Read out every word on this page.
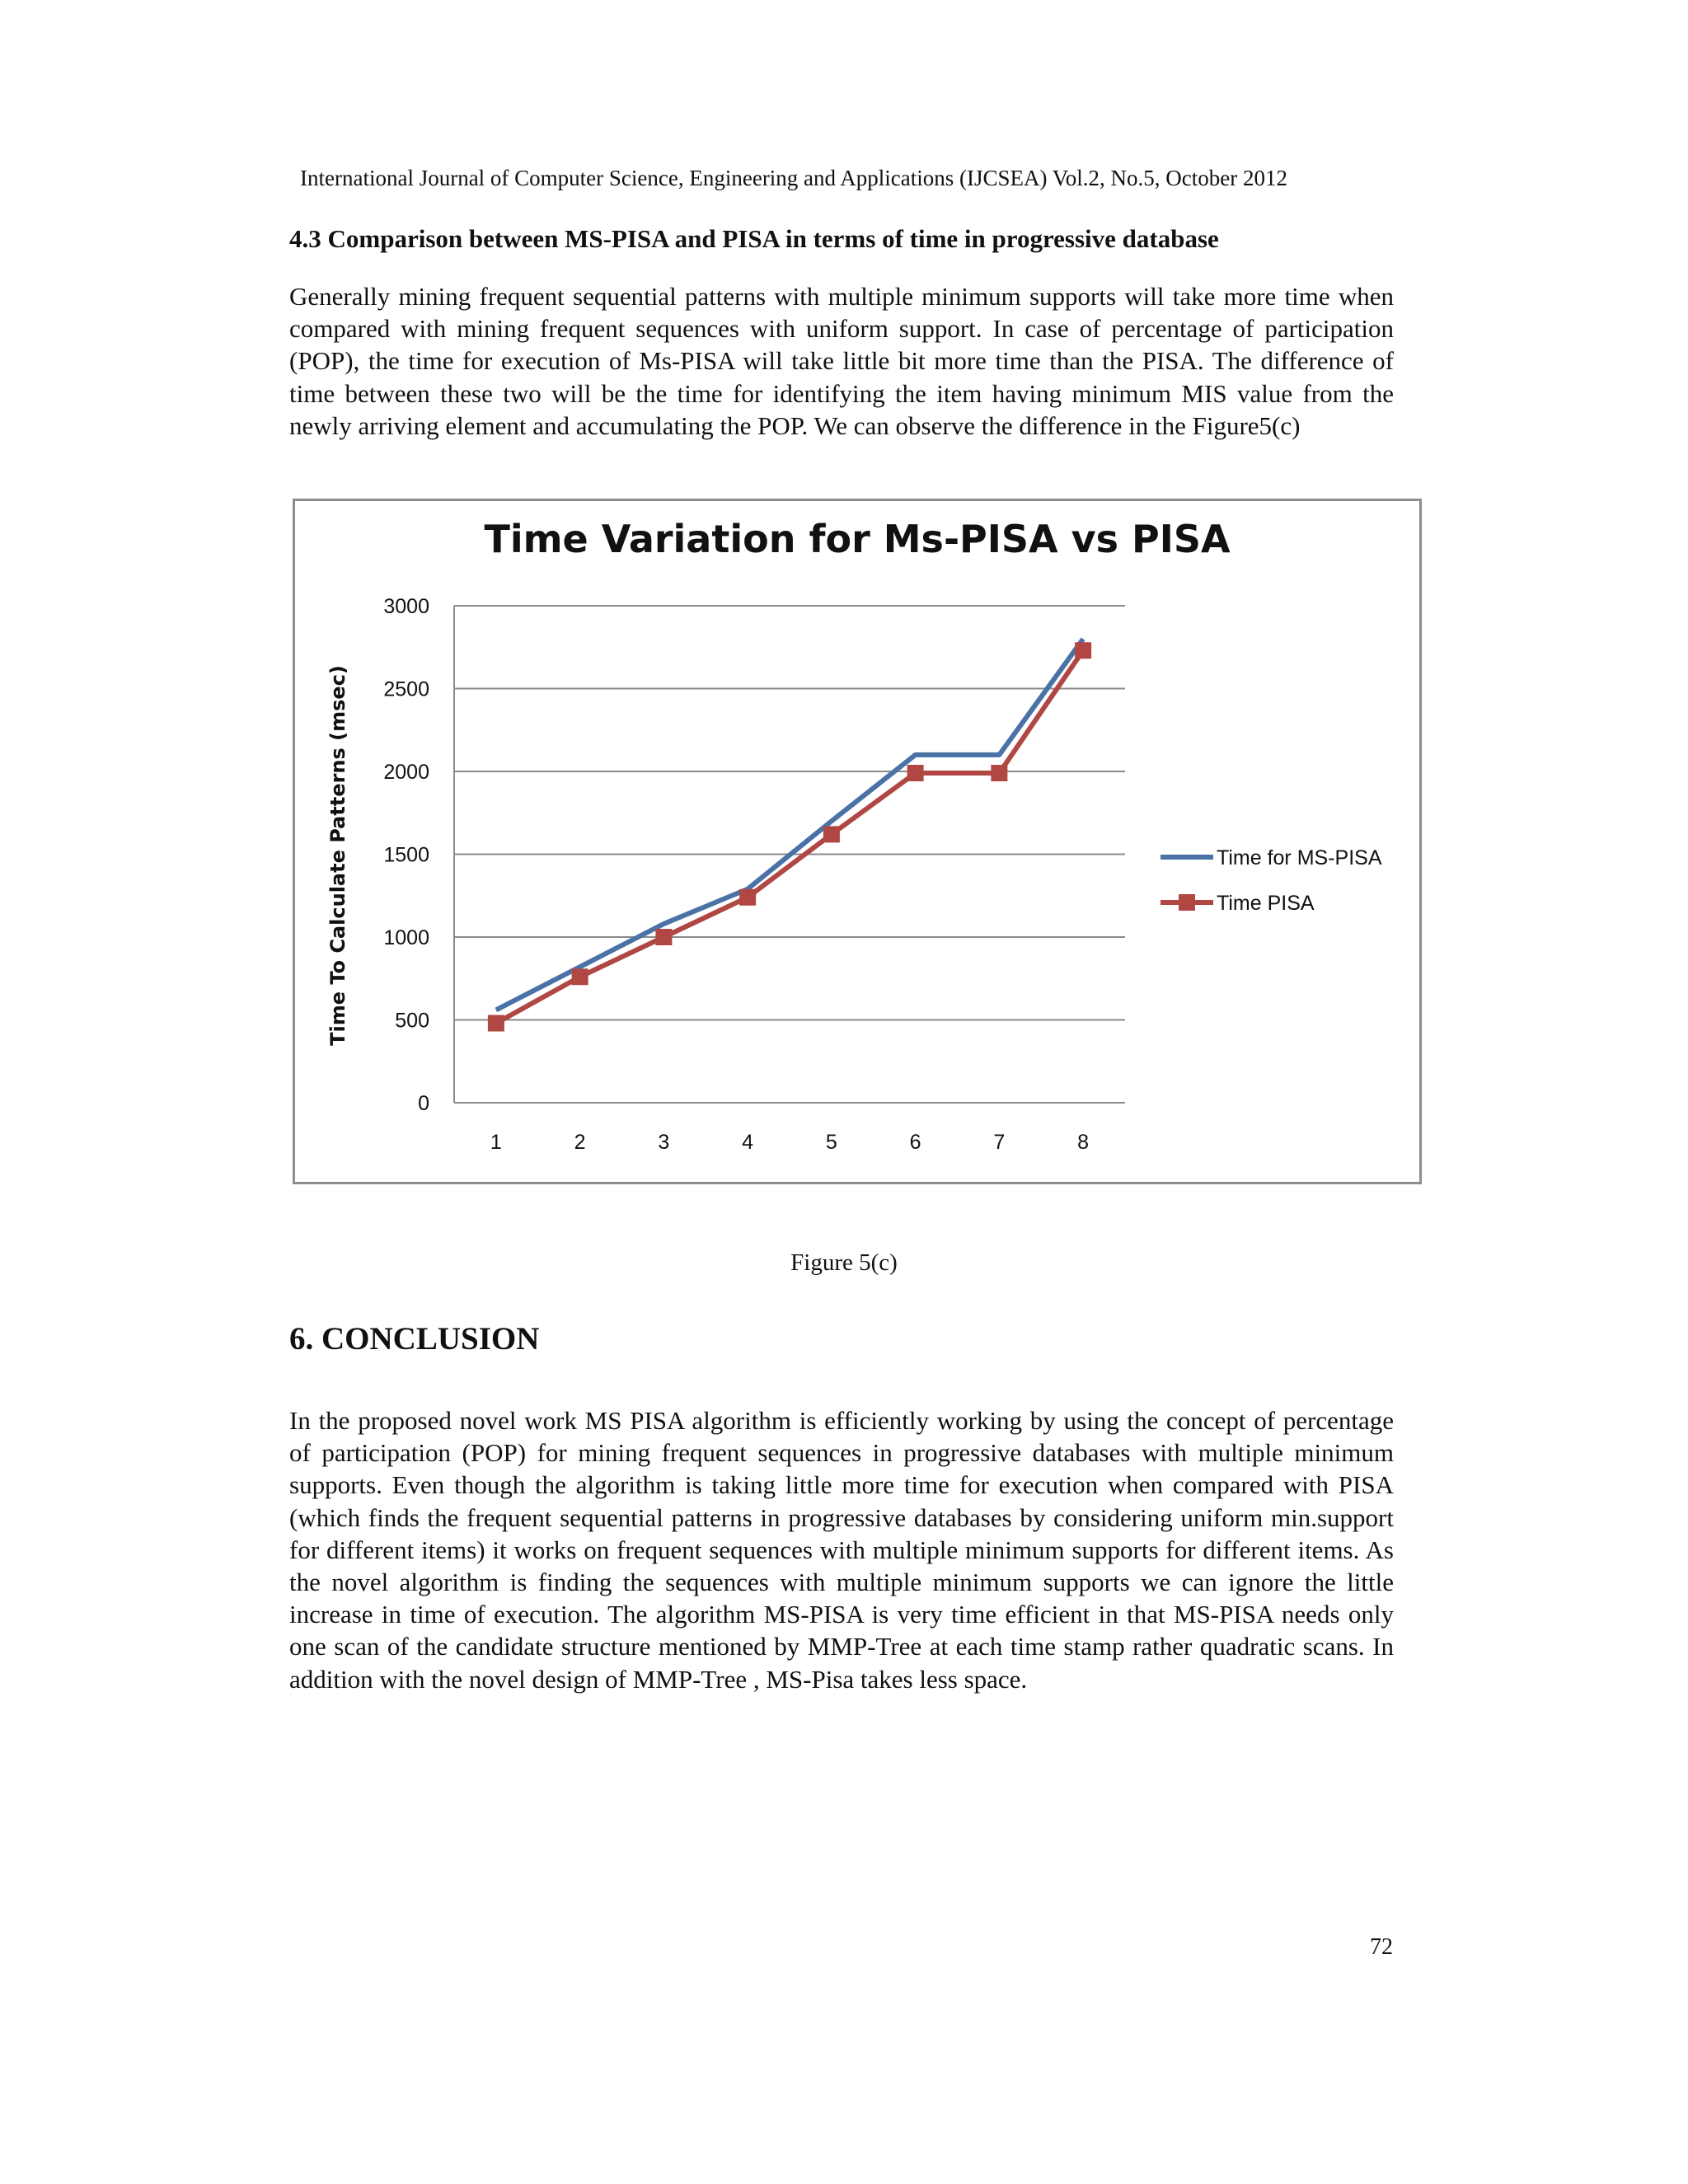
International Journal of Computer Science, Engineering and Applications (IJCSEA) Vol.2, No.5, October 2012
4.3 Comparison between MS-PISA and PISA in terms of time in progressive database

Generally mining frequent sequential patterns with multiple minimum supports will take more time when compared with mining frequent sequences with uniform support. In case of percentage of participation (POP), the time for execution of Ms-PISA will take little bit more time than the PISA. The difference of time between these two will be the time for identifying the item having minimum MIS value from the newly arriving element and accumulating the POP. We can observe the difference in the Figure5(c)

Time Variation for Ms-PISA vs PISA
0
500
1000
1500
2000
2500
3000
1	2	3	4	5	6	7	8
Time To Calculate Patterns (msec)	Time for MS-PISA
Time PISA
Figure 5(c)
6. CONCLUSION

In the proposed novel work MS PISA algorithm is efficiently working by using the concept of percentage of participation (POP) for mining frequent sequences in progressive databases with multiple minimum supports. Even though the algorithm is taking little more time for execution when compared with PISA (which finds the frequent sequential patterns in progressive databases by considering uniform min.support for different items) it works on frequent sequences with multiple minimum supports for different items. As the novel algorithm is finding the sequences with multiple minimum supports we can ignore the little increase in time of execution. The algorithm MS-PISA is very time efficient in that MS-PISA needs only one scan of the candidate structure mentioned by MMP-Tree at each time stamp rather quadratic scans. In addition with the novel design of MMP-Tree , MS-Pisa takes less space.

72
